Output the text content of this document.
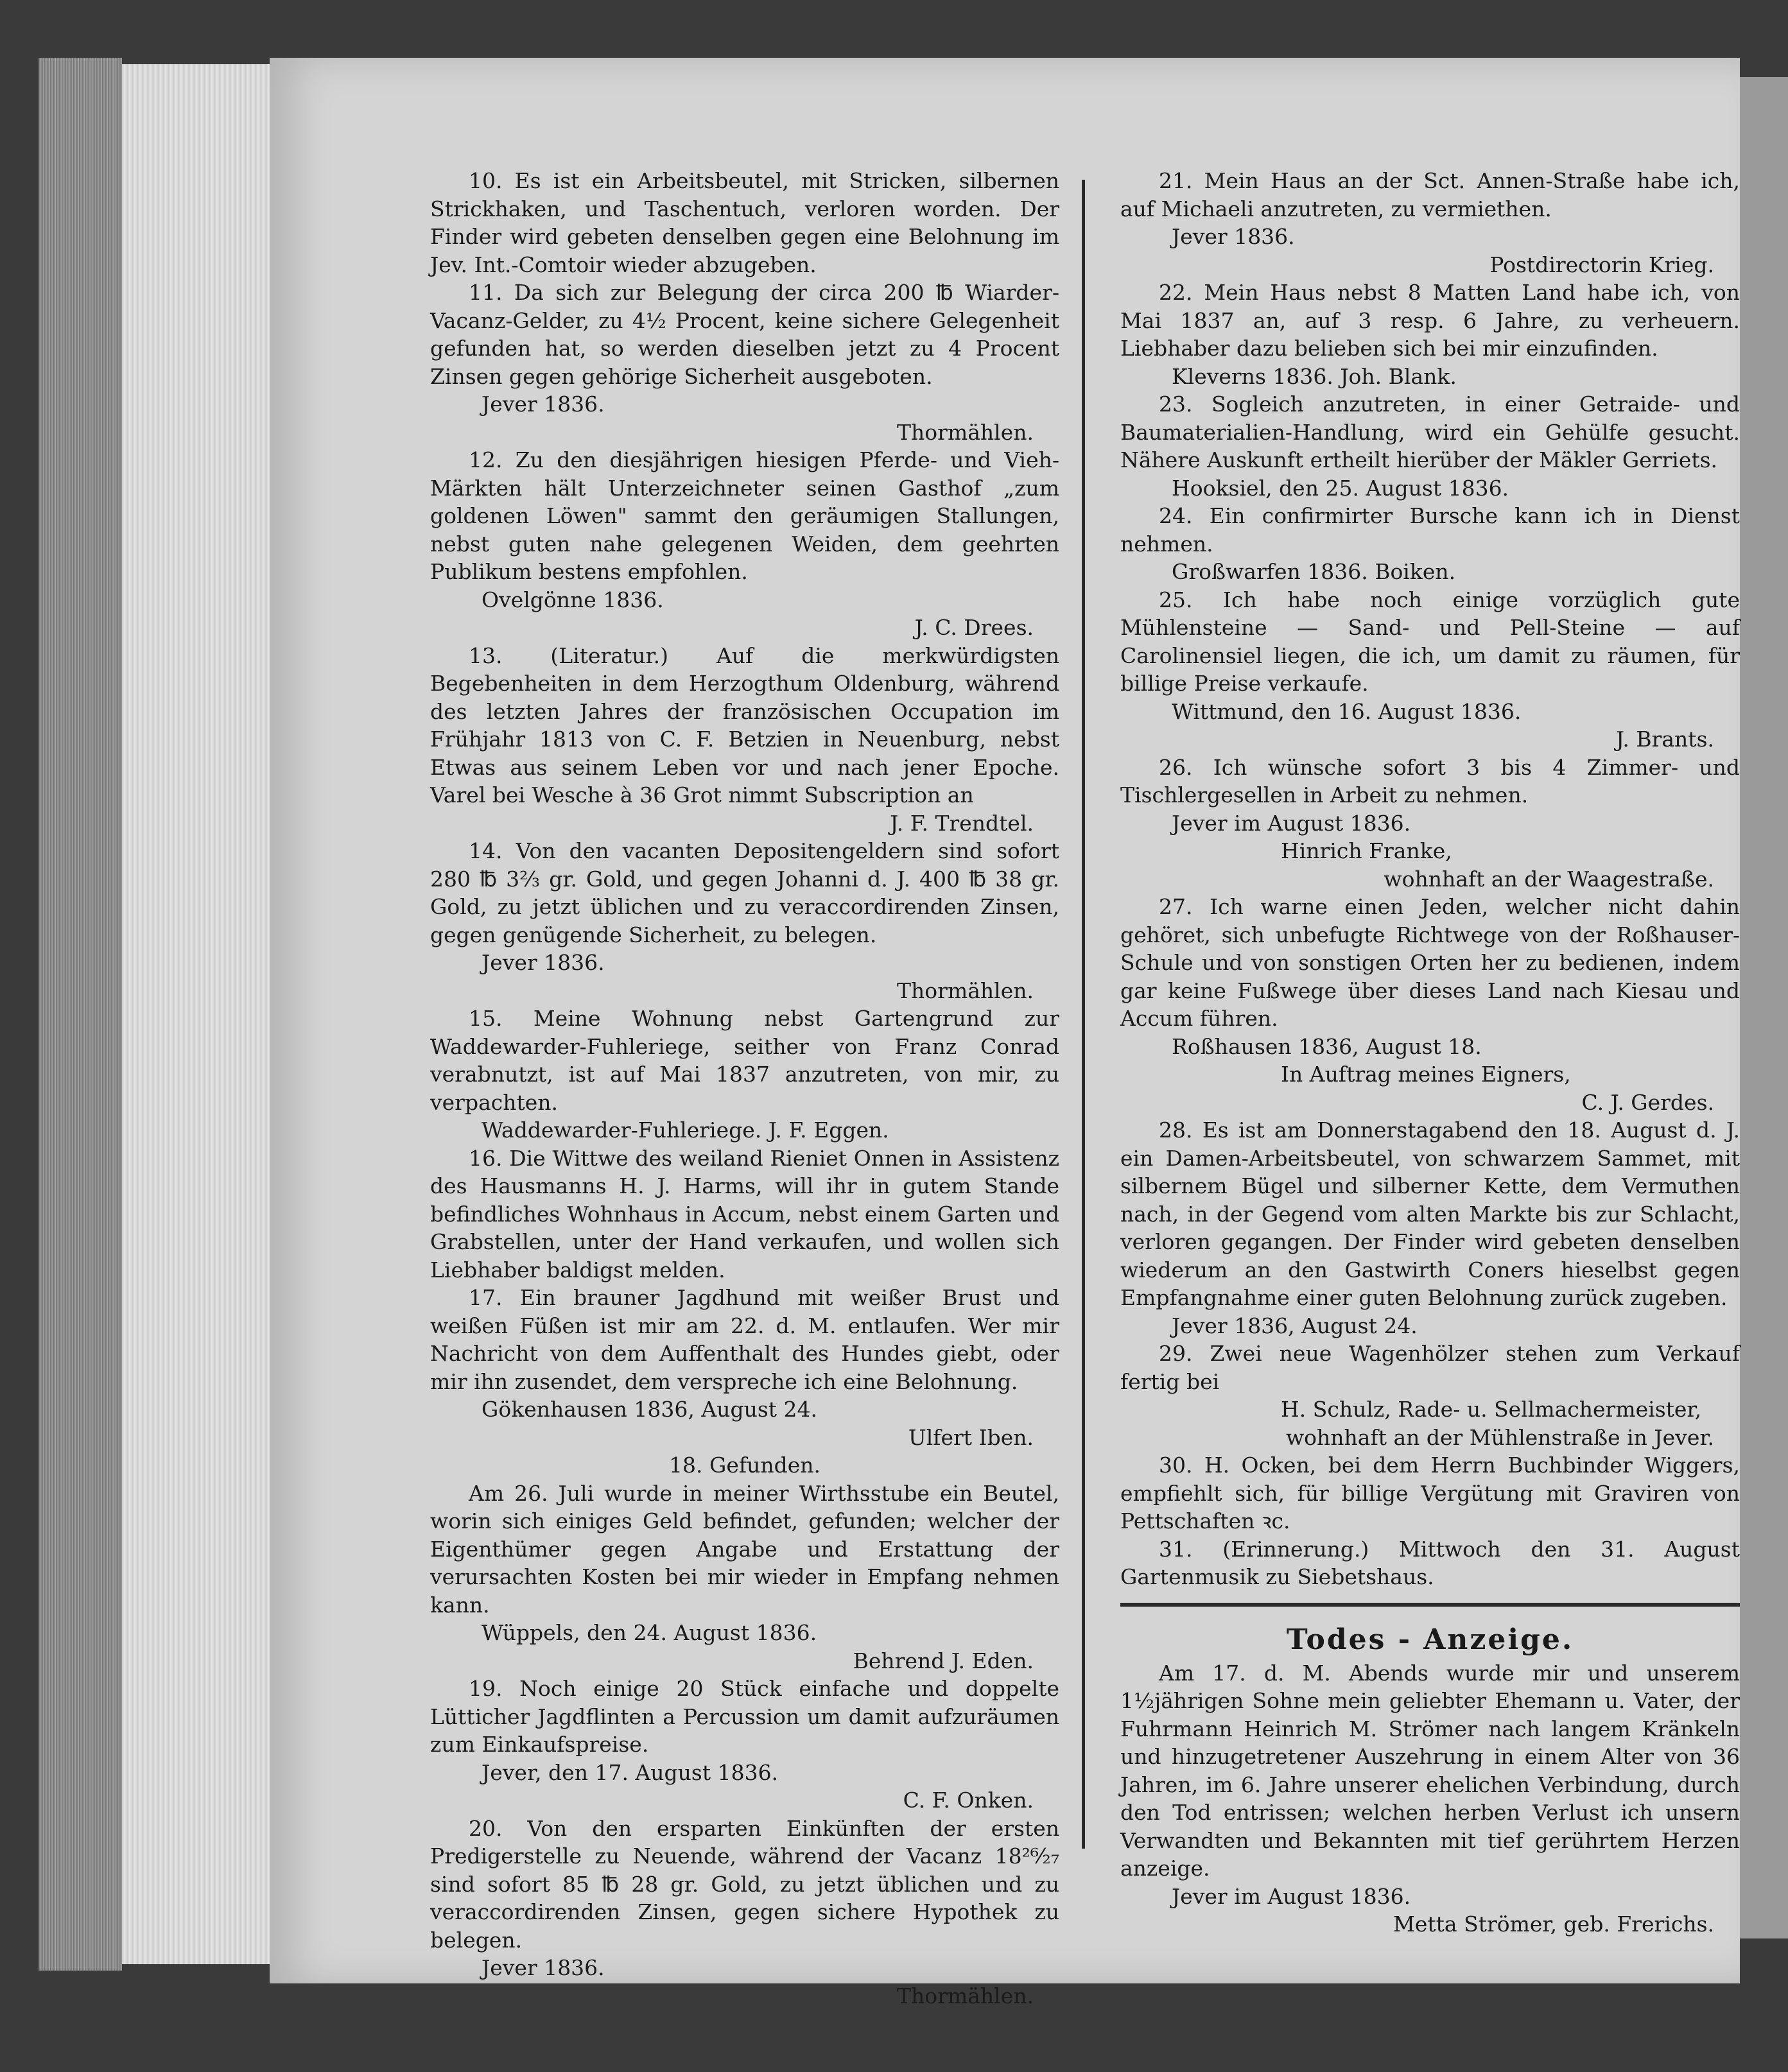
10. Es ist ein Arbeitsbeutel, mit Stricken, silbernen Strickhaken, und Taschentuch, verloren worden. Der Finder wird gebeten denselben gegen eine Belohnung im Jev. Int.-Comtoir wieder abzugeben.

11. Da sich zur Belegung der circa 200 ℔ Wiarder-Vacanz-Gelder, zu 4½ Procent, keine sichere Gelegenheit gefunden hat, so werden dieselben jetzt zu 4 Procent Zinsen gegen gehörige Sicherheit ausgeboten.

Jever 1836.

Thormählen.

12. Zu den diesjährigen hiesigen Pferde- und Vieh-Märkten hält Unterzeichneter seinen Gasthof „zum goldenen Löwen" sammt den geräumigen Stallungen, nebst guten nahe gelegenen Weiden, dem geehrten Publikum bestens empfohlen.

Ovelgönne 1836.

J. C. Drees.

13. (Literatur.) Auf die merkwürdigsten Begebenheiten in dem Herzogthum Oldenburg, während des letzten Jahres der französischen Occupation im Frühjahr 1813 von C. F. Betzien in Neuenburg, nebst Etwas aus seinem Leben vor und nach jener Epoche. Varel bei Wesche à 36 Grot nimmt Subscription an

J. F. Trendtel.

14. Von den vacanten Depositengeldern sind sofort 280 ℔ 3⅔ gr. Gold, und gegen Johanni d. J. 400 ℔ 38 gr. Gold, zu jetzt üblichen und zu veraccordirenden Zinsen, gegen genügende Sicherheit, zu belegen.

Jever 1836.

Thormählen.

15. Meine Wohnung nebst Gartengrund zur Waddewarder-Fuhleriege, seither von Franz Conrad verabnutzt, ist auf Mai 1837 anzutreten, von mir, zu verpachten.

Waddewarder-Fuhleriege. J. F. Eggen.

16. Die Wittwe des weiland Rieniet Onnen in Assistenz des Hausmanns H. J. Harms, will ihr in gutem Stande befindliches Wohnhaus in Accum, nebst einem Garten und Grabstellen, unter der Hand verkaufen, und wollen sich Liebhaber baldigst melden.

17. Ein brauner Jagdhund mit weißer Brust und weißen Füßen ist mir am 22. d. M. entlaufen. Wer mir Nachricht von dem Auffenthalt des Hundes giebt, oder mir ihn zusendet, dem verspreche ich eine Belohnung.

Gökenhausen 1836, August 24.

Ulfert Iben.

18. Gefunden.

Am 26. Juli wurde in meiner Wirthsstube ein Beutel, worin sich einiges Geld befindet, gefunden; welcher der Eigenthümer gegen Angabe und Erstattung der verursachten Kosten bei mir wieder in Empfang nehmen kann.

Wüppels, den 24. August 1836.

Behrend J. Eden.

19. Noch einige 20 Stück einfache und doppelte Lütticher Jagdflinten a Percussion um damit aufzuräumen zum Einkaufspreise.

Jever, den 17. August 1836.

C. F. Onken.

20. Von den ersparten Einkünften der ersten Predigerstelle zu Neuende, während der Vacanz 18²⁶⁄₂₇ sind sofort 85 ℔ 28 gr. Gold, zu jetzt üblichen und zu veraccordirenden Zinsen, gegen sichere Hypothek zu belegen.

Jever 1836.

Thormählen.

21. Mein Haus an der Sct. Annen-Straße habe ich, auf Michaeli anzutreten, zu vermiethen.

Jever 1836.

Postdirectorin Krieg.

22. Mein Haus nebst 8 Matten Land habe ich, von Mai 1837 an, auf 3 resp. 6 Jahre, zu verheuern. Liebhaber dazu belieben sich bei mir einzufinden.

Kleverns 1836. Joh. Blank.

23. Sogleich anzutreten, in einer Getraide- und Baumaterialien-Handlung, wird ein Gehülfe gesucht. Nähere Auskunft ertheilt hierüber der Mäkler Gerriets.

Hooksiel, den 25. August 1836.

24. Ein confirmirter Bursche kann ich in Dienst nehmen.

Großwarfen 1836. Boiken.

25. Ich habe noch einige vorzüglich gute Mühlensteine — Sand- und Pell-Steine — auf Carolinensiel liegen, die ich, um damit zu räumen, für billige Preise verkaufe.

Wittmund, den 16. August 1836.

J. Brants.

26. Ich wünsche sofort 3 bis 4 Zimmer- und Tischlergesellen in Arbeit zu nehmen.

Jever im August 1836.

Hinrich Franke,

wohnhaft an der Waagestraße.

27. Ich warne einen Jeden, welcher nicht dahin gehöret, sich unbefugte Richtwege von der Roßhauser-Schule und von sonstigen Orten her zu bedienen, indem gar keine Fußwege über dieses Land nach Kiesau und Accum führen.

Roßhausen 1836, August 18.

In Auftrag meines Eigners,

C. J. Gerdes.

28. Es ist am Donnerstagabend den 18. August d. J. ein Damen-Arbeitsbeutel, von schwarzem Sammet, mit silbernem Bügel und silberner Kette, dem Vermuthen nach, in der Gegend vom alten Markte bis zur Schlacht, verloren gegangen. Der Finder wird gebeten denselben wiederum an den Gastwirth Coners hieselbst gegen Empfangnahme einer guten Belohnung zurück zugeben.

Jever 1836, August 24.

29. Zwei neue Wagenhölzer stehen zum Verkauf fertig bei

H. Schulz, Rade- u. Sellmachermeister,

wohnhaft an der Mühlenstraße in Jever.

30. H. Ocken, bei dem Herrn Buchbinder Wiggers, empfiehlt sich, für billige Vergütung mit Graviren von Pettschaften ꝛc.

31. (Erinnerung.) Mittwoch den 31. August Gartenmusik zu Siebetshaus.

Todes - Anzeige.

Am 17. d. M. Abends wurde mir und unserem 1½jährigen Sohne mein geliebter Ehemann u. Vater, der Fuhrmann Heinrich M. Strömer nach langem Kränkeln und hinzugetretener Auszehrung in einem Alter von 36 Jahren, im 6. Jahre unserer ehelichen Verbindung, durch den Tod entrissen; welchen herben Verlust ich unsern Verwandten und Bekannten mit tief gerührtem Herzen anzeige.

Jever im August 1836.

Metta Strömer, geb. Frerichs.
